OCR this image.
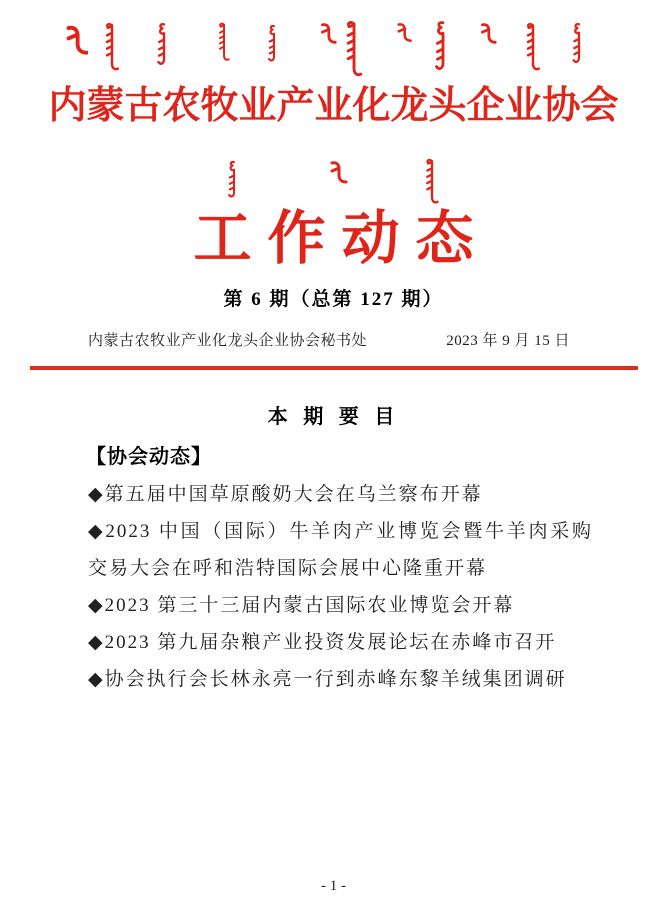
内蒙古农牧业产业化龙头企业协会
工作动态
第 6 期（总第 127 期）
内蒙古农牧业产业化龙头企业协会秘书处	2023 年 9 月 15 日
本 期 要 目
【协会动态】
◆第五届中国草原酸奶大会在乌兰察布开幕
◆2023 中国（国际）牛羊肉产业博览会暨牛羊肉采购交易大会在呼和浩特国际会展中心隆重开幕
◆2023 第三十三届内蒙古国际农业博览会开幕
◆2023 第九届杂粮产业投资发展论坛在赤峰市召开
◆协会执行会长林永亮一行到赤峰东黎羊绒集团调研
- 1 -
